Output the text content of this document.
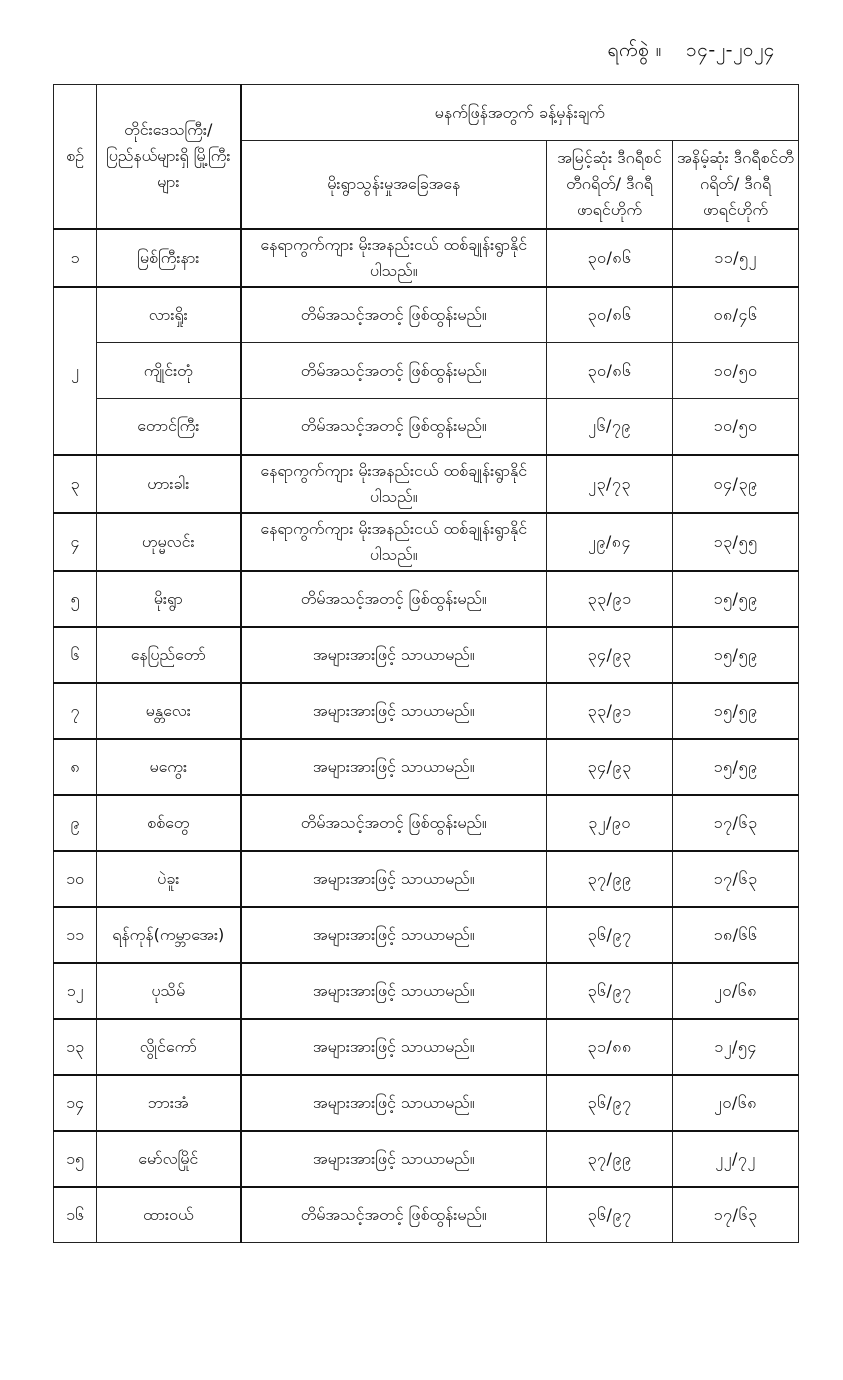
ရက်စွဲ ။ ၁၄-၂-၂၀၂၄
စဉ်	တိုင်းဒေသကြီး/ ပြည်နယ်များရှိ မြို့ကြီးများ	မနက်ဖြန်အတွက် ခန့်မှန်းချက်		
		မိုးရွာသွန်းမှုအခြေအနေ	အမြင့်ဆုံး ဒီဂရီစင်တီဂရိတ်/ ဒီဂရီဖာရင်ဟိုက်	အနိမ့်ဆုံး ဒီဂရီစင်တီဂရိတ်/ ဒီဂရီဖာရင်ဟိုက်
၁	မြစ်ကြီးနား	နေရာကွက်ကျား မိုးအနည်းငယ် ထစ်ချုန်းရွာနိုင်ပါသည်။	၃၀/၈၆	၁၁/၅၂
၂	လားရှိုး	တိမ်အသင့်အတင့် ဖြစ်ထွန်းမည်။	၃၀/၈၆	၀၈/၄၆
	ကျိုင်းတုံ	တိမ်အသင့်အတင့် ဖြစ်ထွန်းမည်။	၃၀/၈၆	၁၀/၅၀
	တောင်ကြီး	တိမ်အသင့်အတင့် ဖြစ်ထွန်းမည်။	၂၆/၇၉	၁၀/၅၀
၃	ဟားခါး	နေရာကွက်ကျား မိုးအနည်းငယ် ထစ်ချုန်းရွာနိုင်ပါသည်။	၂၃/၇၃	၀၄/၃၉
၄	ဟုမ္မလင်း	နေရာကွက်ကျား မိုးအနည်းငယ် ထစ်ချုန်းရွာနိုင်ပါသည်။	၂၉/၈၄	၁၃/၅၅
၅	မိုးရွာ	တိမ်အသင့်အတင့် ဖြစ်ထွန်းမည်။	၃၃/၉၁	၁၅/၅၉
၆	နေပြည်တော်	အများအားဖြင့် သာယာမည်။	၃၄/၉၃	၁၅/၅၉
၇	မန္တလေး	အများအားဖြင့် သာယာမည်။	၃၃/၉၁	၁၅/၅၉
၈	မကွေး	အများအားဖြင့် သာယာမည်။	၃၄/၉၃	၁၅/၅၉
၉	စစ်တွေ	တိမ်အသင့်အတင့် ဖြစ်ထွန်းမည်။	၃၂/၉၀	၁၇/၆၃
၁၀	ပဲခူး	အများအားဖြင့် သာယာမည်။	၃၇/၉၉	၁၇/၆၃
၁၁	ရန်ကုန်(ကမ္ဘာအေး)	အများအားဖြင့် သာယာမည်။	၃၆/၉၇	၁၈/၆၆
၁၂	ပုသိမ်	အများအားဖြင့် သာယာမည်။	၃၆/၉၇	၂၀/၆၈
၁၃	လွိုင်ကော်	အများအားဖြင့် သာယာမည်။	၃၁/၈၈	၁၂/၅၄
၁၄	ဘားအံ	အများအားဖြင့် သာယာမည်။	၃၆/၉၇	၂၀/၆၈
၁၅	မော်လမြိုင်	အများအားဖြင့် သာယာမည်။	၃၇/၉၉	၂၂/၇၂
၁၆	ထားဝယ်	တိမ်အသင့်အတင့် ဖြစ်ထွန်းမည်။	၃၆/၉၇	၁၇/၆၃
